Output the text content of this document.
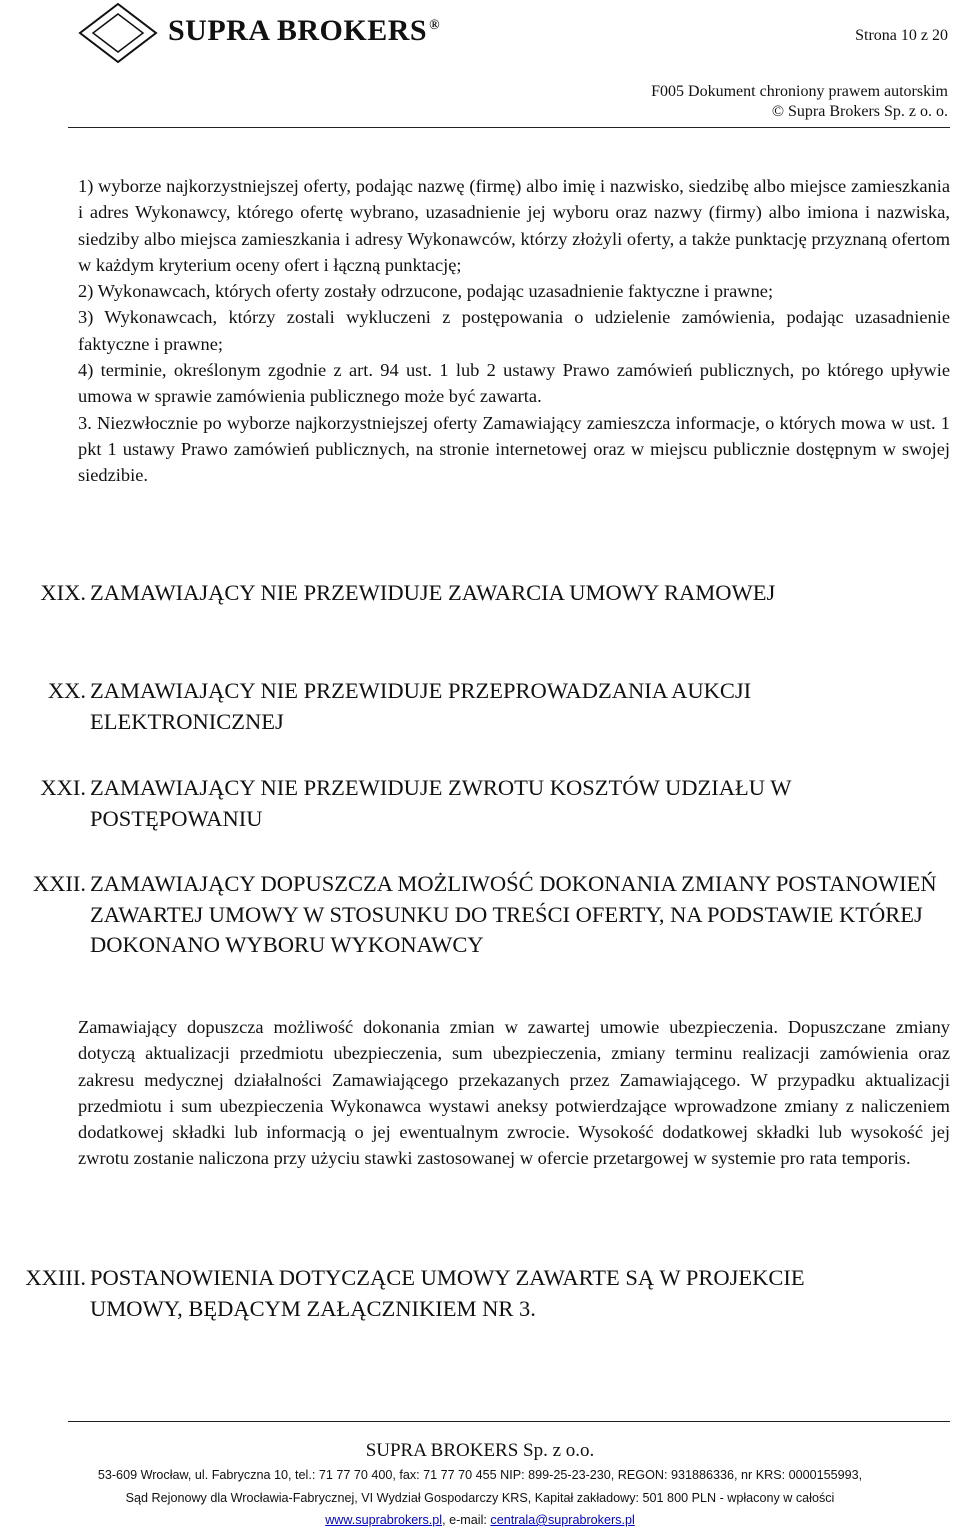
SUPRA BROKERS ®
Strona 10 z 20
F005 Dokument chroniony prawem autorskim
© Supra Brokers Sp. z o. o.

1) wyborze najkorzystniejszej oferty, podając nazwę (firmę) albo imię i nazwisko, siedzibę albo miejsce zamieszkania i adres Wykonawcy, którego ofertę wybrano, uzasadnienie jej wyboru oraz nazwy (firmy) albo imiona i nazwiska, siedziby albo miejsca zamieszkania i adresy Wykonawców, którzy złożyli oferty, a także punktację przyznaną ofertom w każdym kryterium oceny ofert i łączną punktację;

2) Wykonawcach, których oferty zostały odrzucone, podając uzasadnienie faktyczne i prawne;

3) Wykonawcach, którzy zostali wykluczeni z postępowania o udzielenie zamówienia, podając uzasadnienie faktyczne i prawne;

4) terminie, określonym zgodnie z art. 94 ust. 1 lub 2 ustawy Prawo zamówień publicznych, po którego upływie umowa w sprawie zamówienia publicznego może być zawarta.

3. Niezwłocznie po wyborze najkorzystniejszej oferty Zamawiający zamieszcza informacje, o których mowa w ust. 1 pkt 1 ustawy Prawo zamówień publicznych, na stronie internetowej oraz w miejscu publicznie dostępnym w swojej siedzibie.

XIX. ZAMAWIAJĄCY NIE PRZEWIDUJE ZAWARCIA UMOWY RAMOWEJ
XX. ZAMAWIAJĄCY NIE PRZEWIDUJE PRZEPROWADZANIA AUKCJI ELEKTRONICZNEJ
XXI. ZAMAWIAJĄCY NIE PRZEWIDUJE ZWROTU KOSZTÓW UDZIAŁU W POSTĘPOWANIU
XXII. ZAMAWIAJĄCY DOPUSZCZA MOŻLIWOŚĆ DOKONANIA ZMIANY POSTANOWIEŃ ZAWARTEJ UMOWY W STOSUNKU DO TREŚCI OFERTY, NA PODSTAWIE KTÓREJ DOKONANO WYBORU WYKONAWCY

Zamawiający dopuszcza możliwość dokonania zmian w zawartej umowie ubezpieczenia. Dopuszczane zmiany dotyczą aktualizacji przedmiotu ubezpieczenia, sum ubezpieczenia, zmiany terminu realizacji zamówienia oraz zakresu medycznej działalności Zamawiającego przekazanych przez Zamawiającego. W przypadku aktualizacji przedmiotu i sum ubezpieczenia Wykonawca wystawi aneksy potwierdzające wprowadzone zmiany z naliczeniem dodatkowej składki lub informacją o jej ewentualnym zwrocie. Wysokość dodatkowej składki lub wysokość jej zwrotu zostanie naliczona przy użyciu stawki zastosowanej w ofercie przetargowej w systemie pro rata temporis.

XXIII. POSTANOWIENIA DOTYCZĄCE UMOWY ZAWARTE SĄ W PROJEKCIE UMOWY, BĘDĄCYM ZAŁĄCZNIKIEM NR 3.
SUPRA BROKERS Sp. z o.o.
53-609 Wrocław, ul. Fabryczna 10, tel.: 71 77 70 400, fax: 71 77 70 455 NIP: 899-25-23-230, REGON: 931886336, nr KRS: 0000155993,
Sąd Rejonowy dla Wrocławia-Fabrycznej, VI Wydział Gospodarczy KRS, Kapitał zakładowy: 501 800 PLN - wpłacony w całości
www.suprabrokers.pl, e-mail: centrala@suprabrokers.pl
